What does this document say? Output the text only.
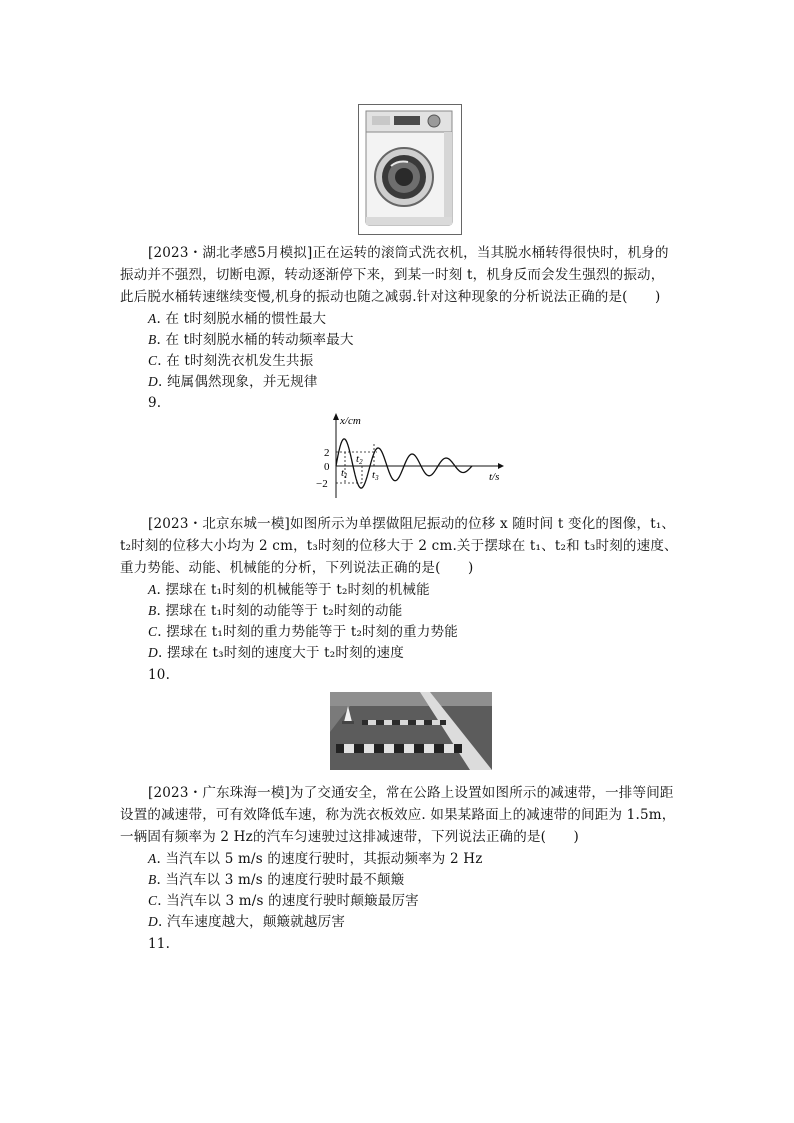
[2023・湖北孝感5月模拟]正在运转的滚筒式洗衣机，当其脱水桶转得很快时，机身的
振动并不强烈，切断电源，转动逐渐停下来，到某一时刻 t，机身反而会发生强烈的振动，
此后脱水桶转速继续变慢,机身的振动也随之减弱.针对这种现象的分析说法正确的是(　　)
A. 在 t时刻脱水桶的惯性最大
B. 在 t时刻脱水桶的转动频率最大
C. 在 t时刻洗衣机发生共振
D. 纯属偶然现象，并无规律
9.
x/cm
t/s
2
0
−2
t1
t2
t3
[2023・北京东城一模]如图所示为单摆做阻尼振动的位移 x 随时间 t 变化的图像，t₁、
t₂时刻的位移大小均为 2 cm，t₃时刻的位移大于 2 cm.关于摆球在 t₁、t₂和 t₃时刻的速度、
重力势能、动能、机械能的分析，下列说法正确的是(　　)
A. 摆球在 t₁时刻的机械能等于 t₂时刻的机械能
B. 摆球在 t₁时刻的动能等于 t₂时刻的动能
C. 摆球在 t₁时刻的重力势能等于 t₂时刻的重力势能
D. 摆球在 t₃时刻的速度大于 t₂时刻的速度
10.
[2023・广东珠海一模]为了交通安全，常在公路上设置如图所示的减速带，一排等间距
设置的减速带，可有效降低车速，称为洗衣板效应. 如果某路面上的减速带的间距为 1.5m，
一辆固有频率为 2 Hz的汽车匀速驶过这排减速带，下列说法正确的是(　　)
A. 当汽车以 5 m/s 的速度行驶时，其振动频率为 2 Hz
B. 当汽车以 3 m/s 的速度行驶时最不颠簸
C. 当汽车以 3 m/s 的速度行驶时颠簸最厉害
D. 汽车速度越大，颠簸就越厉害
11.
